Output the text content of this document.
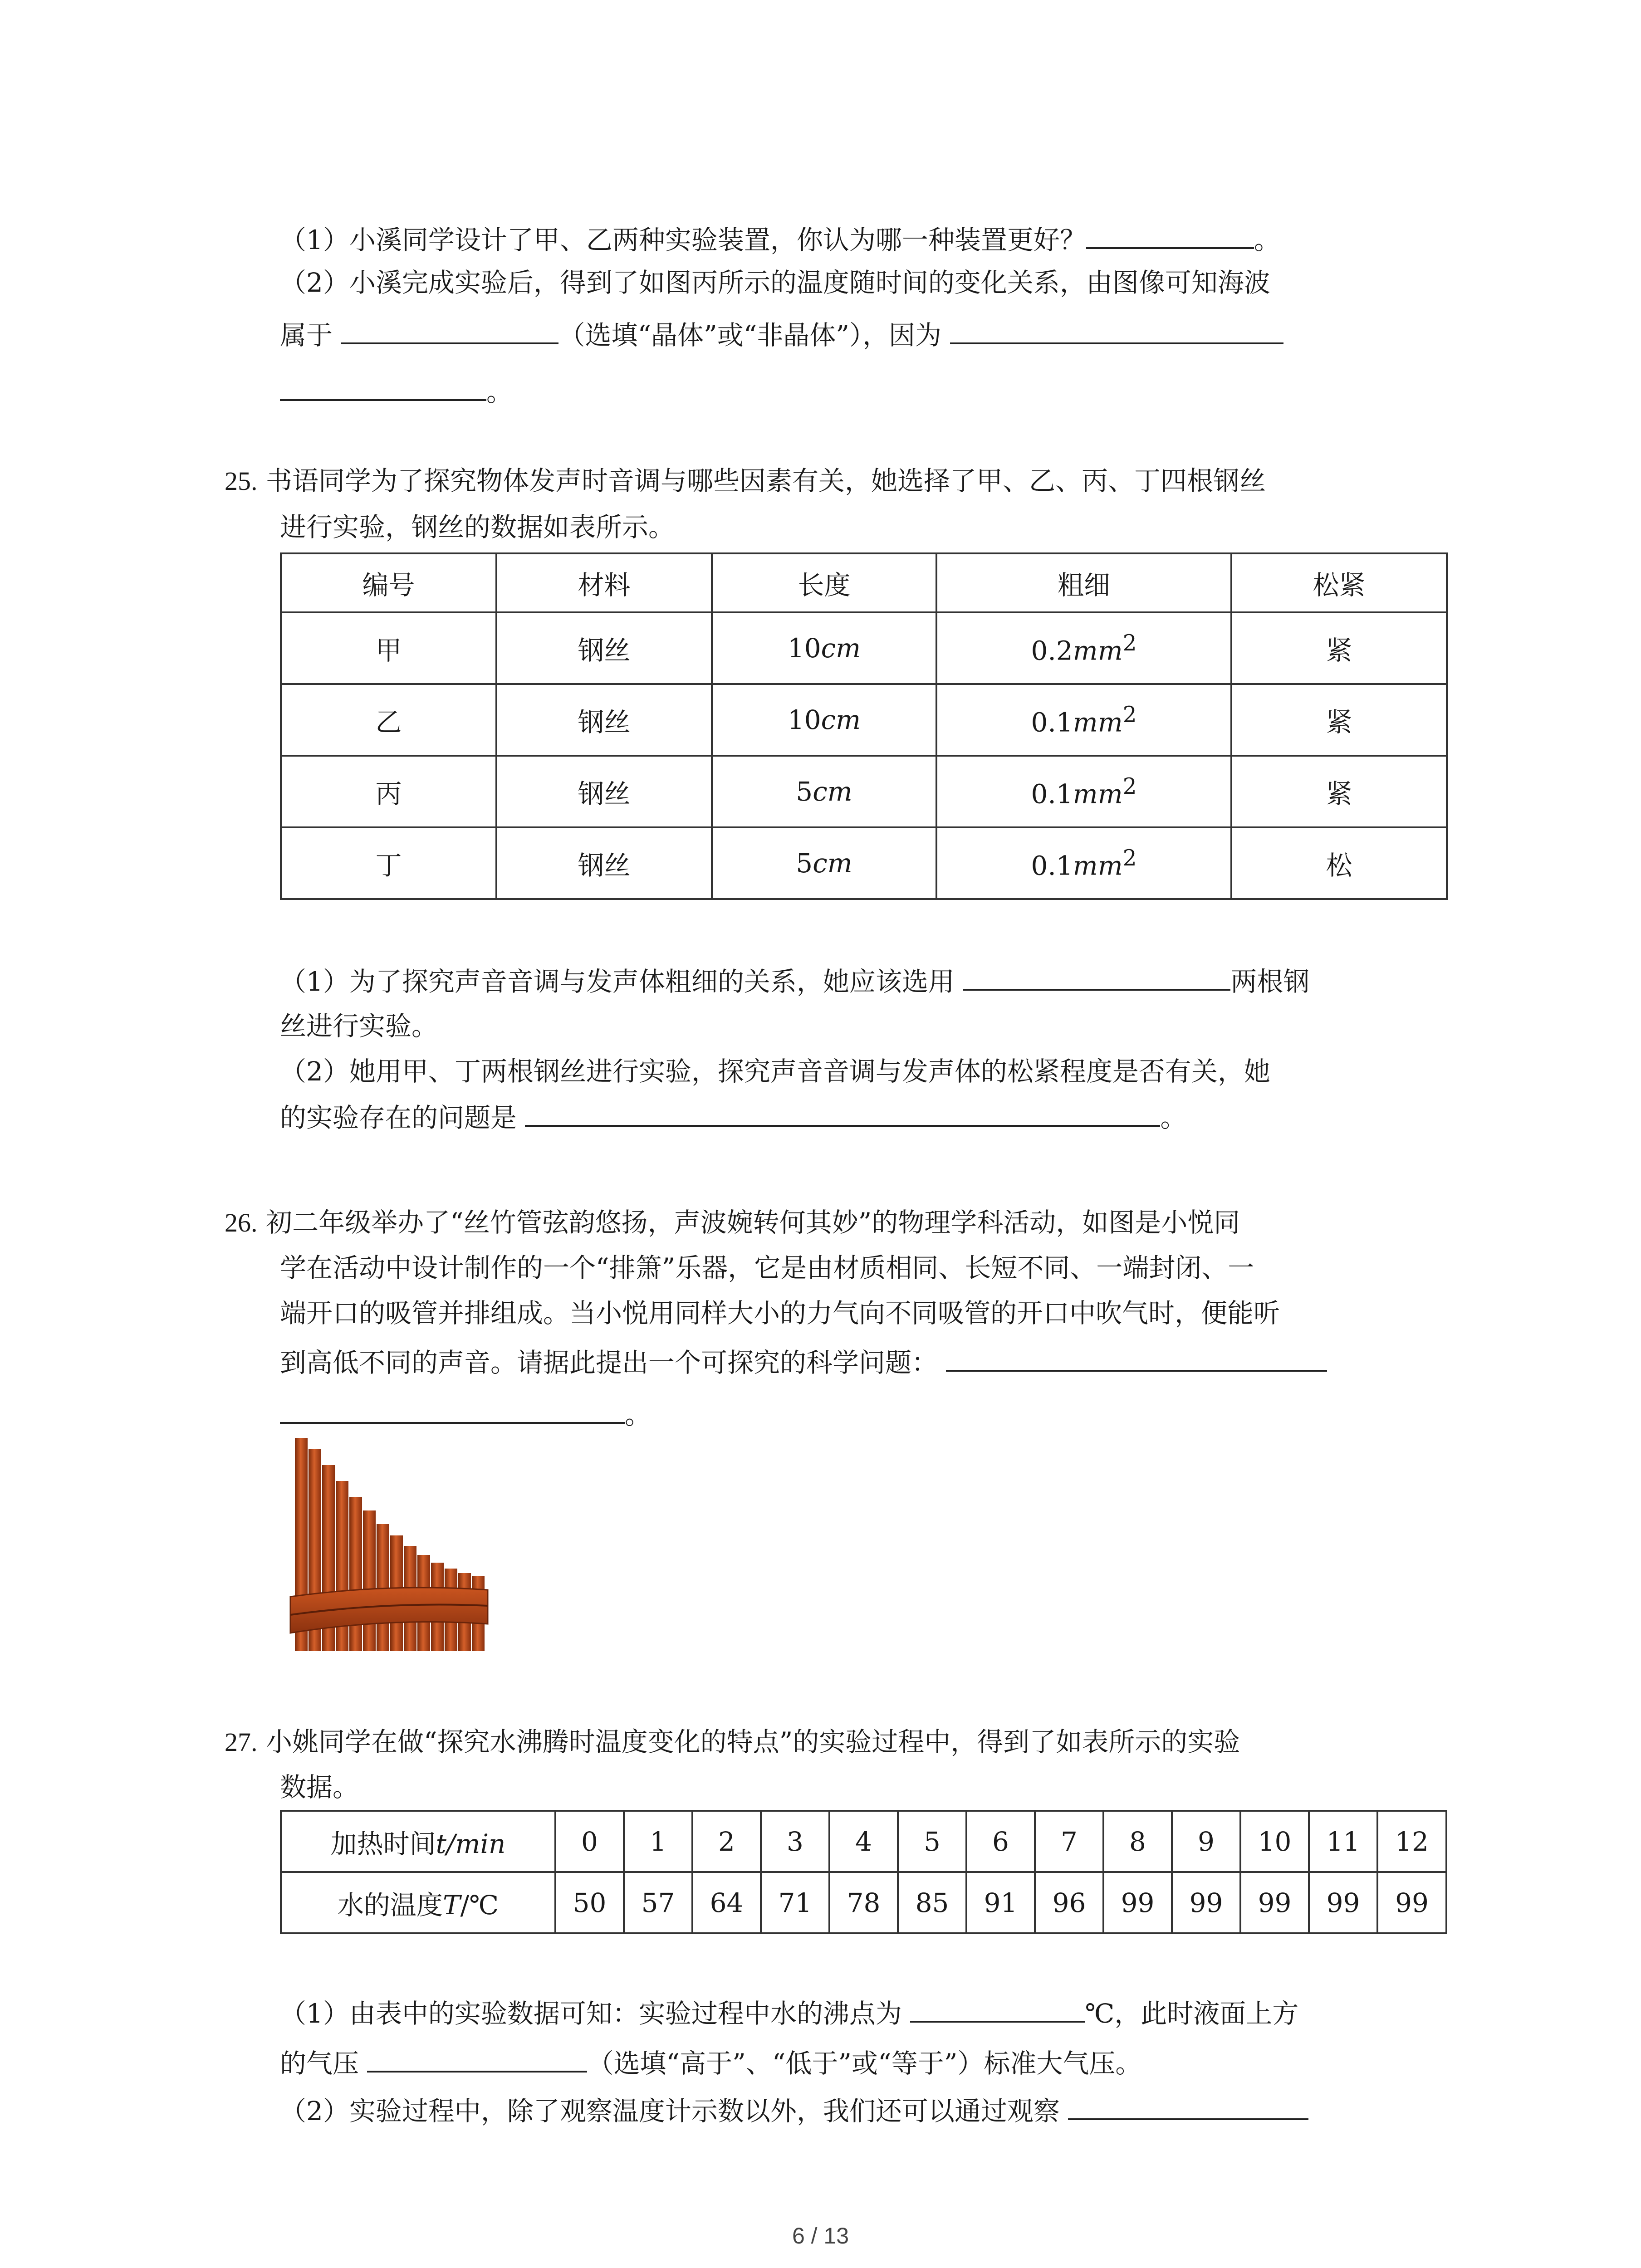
（1）小溪同学设计了甲、乙两种实验装置，你认为哪一种装置更好？	。
（2）小溪完成实验后，得到了如图丙所示的温度随时间的变化关系，由图像可知海波
属于	（选填“晶体”或“非晶体”），因为
。
25. 书语同学为了探究物体发声时音调与哪些因素有关，她选择了甲、乙、丙、丁四根钢丝
进行实验，钢丝的数据如表所示。
编号	材料	长度	粗细	松紧
甲	钢丝	10cm	$0.2mm^2$	紧
乙	钢丝	10cm	$0.1mm^2$	紧
丙	钢丝	5cm	$0.1mm^2$	紧
丁	钢丝	5cm	$0.1mm^2$	松
（1）为了探究声音音调与发声体粗细的关系，她应该选用	两根钢
丝进行实验。
（2）她用甲、丁两根钢丝进行实验，探究声音音调与发声体的松紧程度是否有关，她
的实验存在的问题是	。
26. 初二年级举办了“丝竹管弦韵悠扬，声波婉转何其妙”的物理学科活动，如图是小悦同
学在活动中设计制作的一个“排箫”乐器，它是由材质相同、长短不同、一端封闭、一
端开口的吸管并排组成。当小悦用同样大小的力气向不同吸管的开口中吹气时，便能听
到高低不同的声音。请据此提出一个可探究的科学问题：
。
27. 小姚同学在做“探究水沸腾时温度变化的特点”的实验过程中，得到了如表所示的实验
数据。
加热时间t/min	0	1	2	3	4	5	6	7	8	9	10	11	12
水的温度T/℃	50	57	64	71	78	85	91	96	99	99	99	99	99
（1）由表中的实验数据可知：实验过程中水的沸点为	℃，此时液面上方
的气压	（选填“高于”、“低于”或“等于”）标准大气压。
（2）实验过程中，除了观察温度计示数以外，我们还可以通过观察
6 / 13
